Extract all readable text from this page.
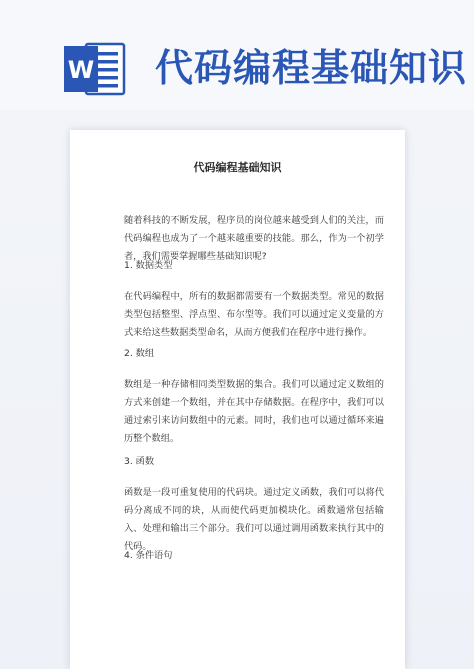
W 代码编程基础知识
代码编程基础知识
随着科技的不断发展，程序员的岗位越来越受到人们的关注，而代码编程也成为了一个越来越重要的技能。那么，作为一个初学者，我们需要掌握哪些基础知识呢?
1. 数据类型
在代码编程中，所有的数据都需要有一个数据类型。常见的数据类型包括整型、浮点型、布尔型等。我们可以通过定义变量的方式来给这些数据类型命名，从而方便我们在程序中进行操作。
2. 数组
数组是一种存储相同类型数据的集合。我们可以通过定义数组的方式来创建一个数组，并在其中存储数据。在程序中，我们可以通过索引来访问数组中的元素。同时，我们也可以通过循环来遍历整个数组。
3. 函数
函数是一段可重复使用的代码块。通过定义函数，我们可以将代码分离成不同的块，从而使代码更加模块化。函数通常包括输入、处理和输出三个部分。我们可以通过调用函数来执行其中的代码。
4. 条件语句
